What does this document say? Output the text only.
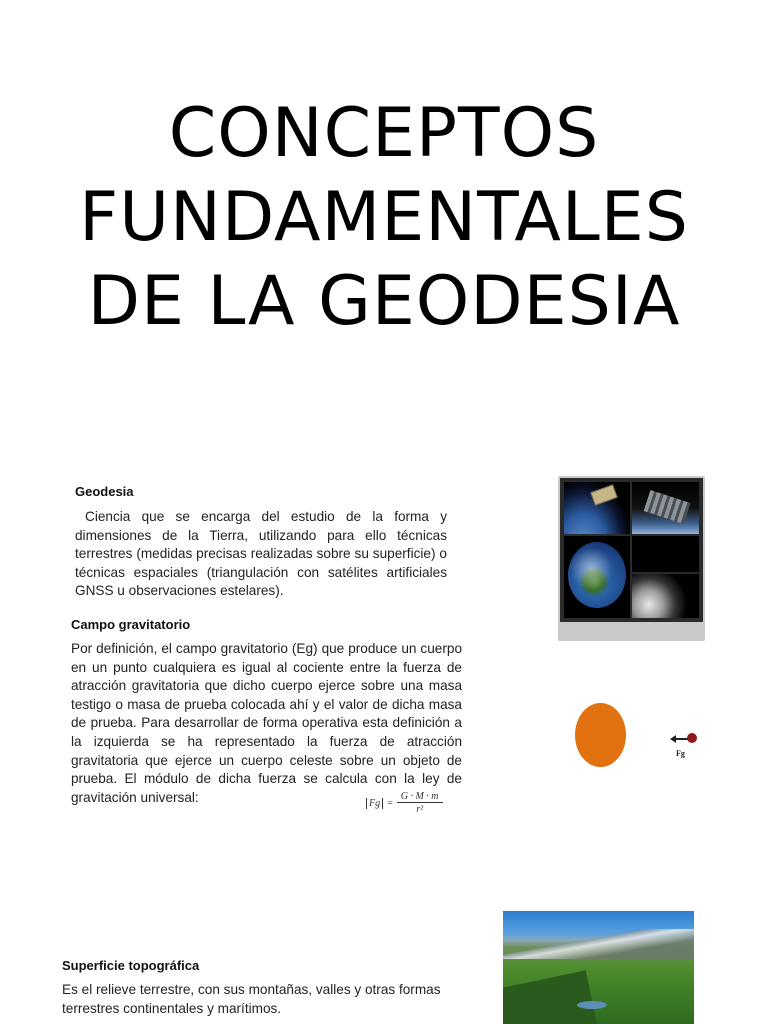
CONCEPTOS
FUNDAMENTALES
DE LA GEODESIA
Geodesia
Ciencia que se encarga del estudio de la forma y dimensiones de la Tierra, utilizando para ello técnicas terrestres (medidas precisas realizadas sobre su superficie) o técnicas espaciales (triangulación con satélites artificiales GNSS u observaciones estelares).
Campo gravitatorio
Por definición, el campo gravitatorio (Eg) que produce un cuerpo en un punto cualquiera es igual al cociente entre la fuerza de atracción gravitatoria que dicho cuerpo ejerce sobre una masa testigo o masa de prueba colocada ahí y el valor de dicha masa de prueba. Para desarrollar de forma operativa esta definición a la izquierda se ha representado la fuerza de atracción gravitatoria que ejerce un cuerpo celeste sobre un objeto de prueba. El módulo de dicha fuerza se calcula con la ley de gravitación universal:
Fg
$Fg = \frac{G \cdot M \cdot m}{\text{r²}}$
Superficie topográfica
Es el relieve terrestre, con sus montañas, valles y otras formas terrestres continentales y marítimos.
